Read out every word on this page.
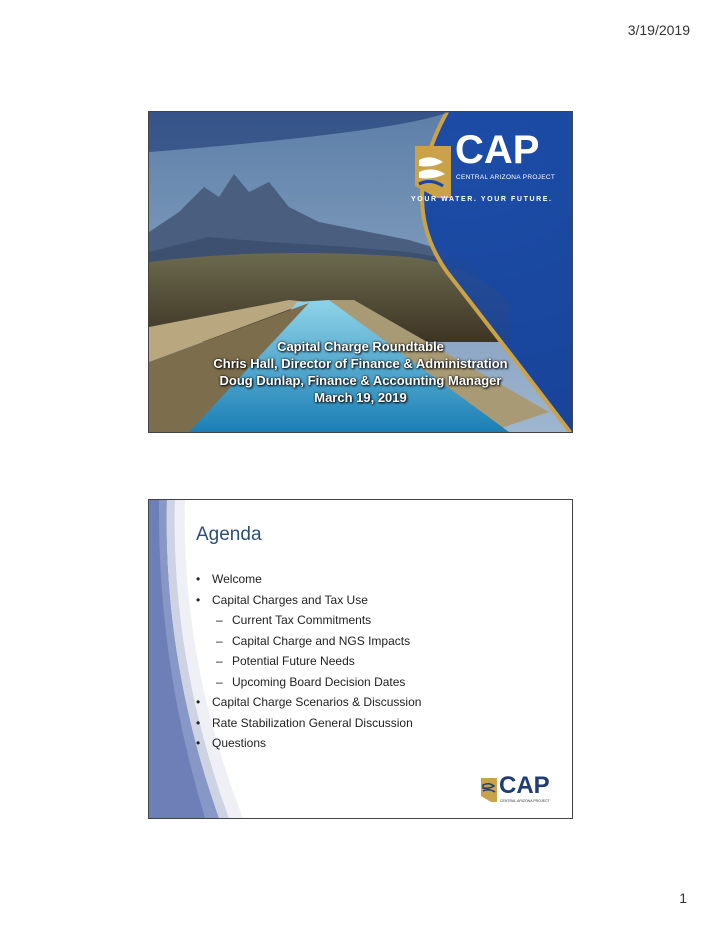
3/19/2019
CAP
CENTRAL ARIZONA PROJECT
YOUR WATER. YOUR FUTURE.
Capital Charge Roundtable
Chris Hall, Director of Finance & Administration
Doug Dunlap, Finance & Accounting Manager
March 19, 2019
Agenda
• Welcome
• Capital Charges and Tax Use
– Current Tax Commitments
– Capital Charge and NGS Impacts
– Potential Future Needs
– Upcoming Board Decision Dates
• Capital Charge Scenarios & Discussion
• Rate Stabilization General Discussion
• Questions
CAP
CENTRAL ARIZONA PROJECT
1
